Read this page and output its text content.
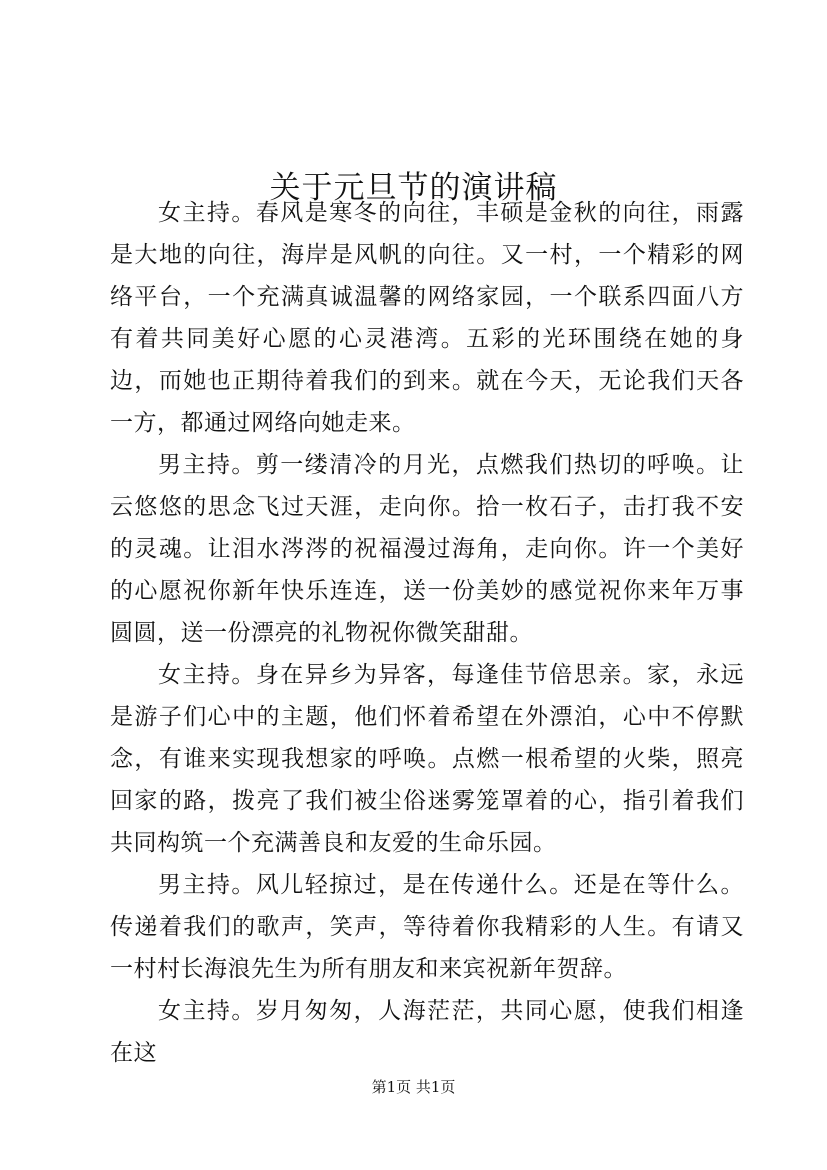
关于元旦节的演讲稿

女主持。春风是寒冬的向往，丰硕是金秋的向往，雨露是大地的向往，海岸是风帆的向往。又一村，一个精彩的网络平台，一个充满真诚温馨的网络家园，一个联系四面八方有着共同美好心愿的心灵港湾。五彩的光环围绕在她的身边，而她也正期待着我们的到来。就在今天，无论我们天各一方，都通过网络向她走来。

男主持。剪一缕清冷的月光，点燃我们热切的呼唤。让云悠悠的思念飞过天涯，走向你。拾一枚石子，击打我不安的灵魂。让泪水涔涔的祝福漫过海角，走向你。许一个美好的心愿祝你新年快乐连连，送一份美妙的感觉祝你来年万事圆圆，送一份漂亮的礼物祝你微笑甜甜。

女主持。身在异乡为异客，每逢佳节倍思亲。家，永远是游子们心中的主题，他们怀着希望在外漂泊，心中不停默念，有谁来实现我想家的呼唤。点燃一根希望的火柴，照亮回家的路，拨亮了我们被尘俗迷雾笼罩着的心，指引着我们共同构筑一个充满善良和友爱的生命乐园。

男主持。风儿轻掠过，是在传递什么。还是在等什么。传递着我们的歌声，笑声，等待着你我精彩的人生。有请又一村村长海浪先生为所有朋友和来宾祝新年贺辞。

女主持。岁月匆匆，人海茫茫，共同心愿，使我们相逢在这

第1页 共1页
